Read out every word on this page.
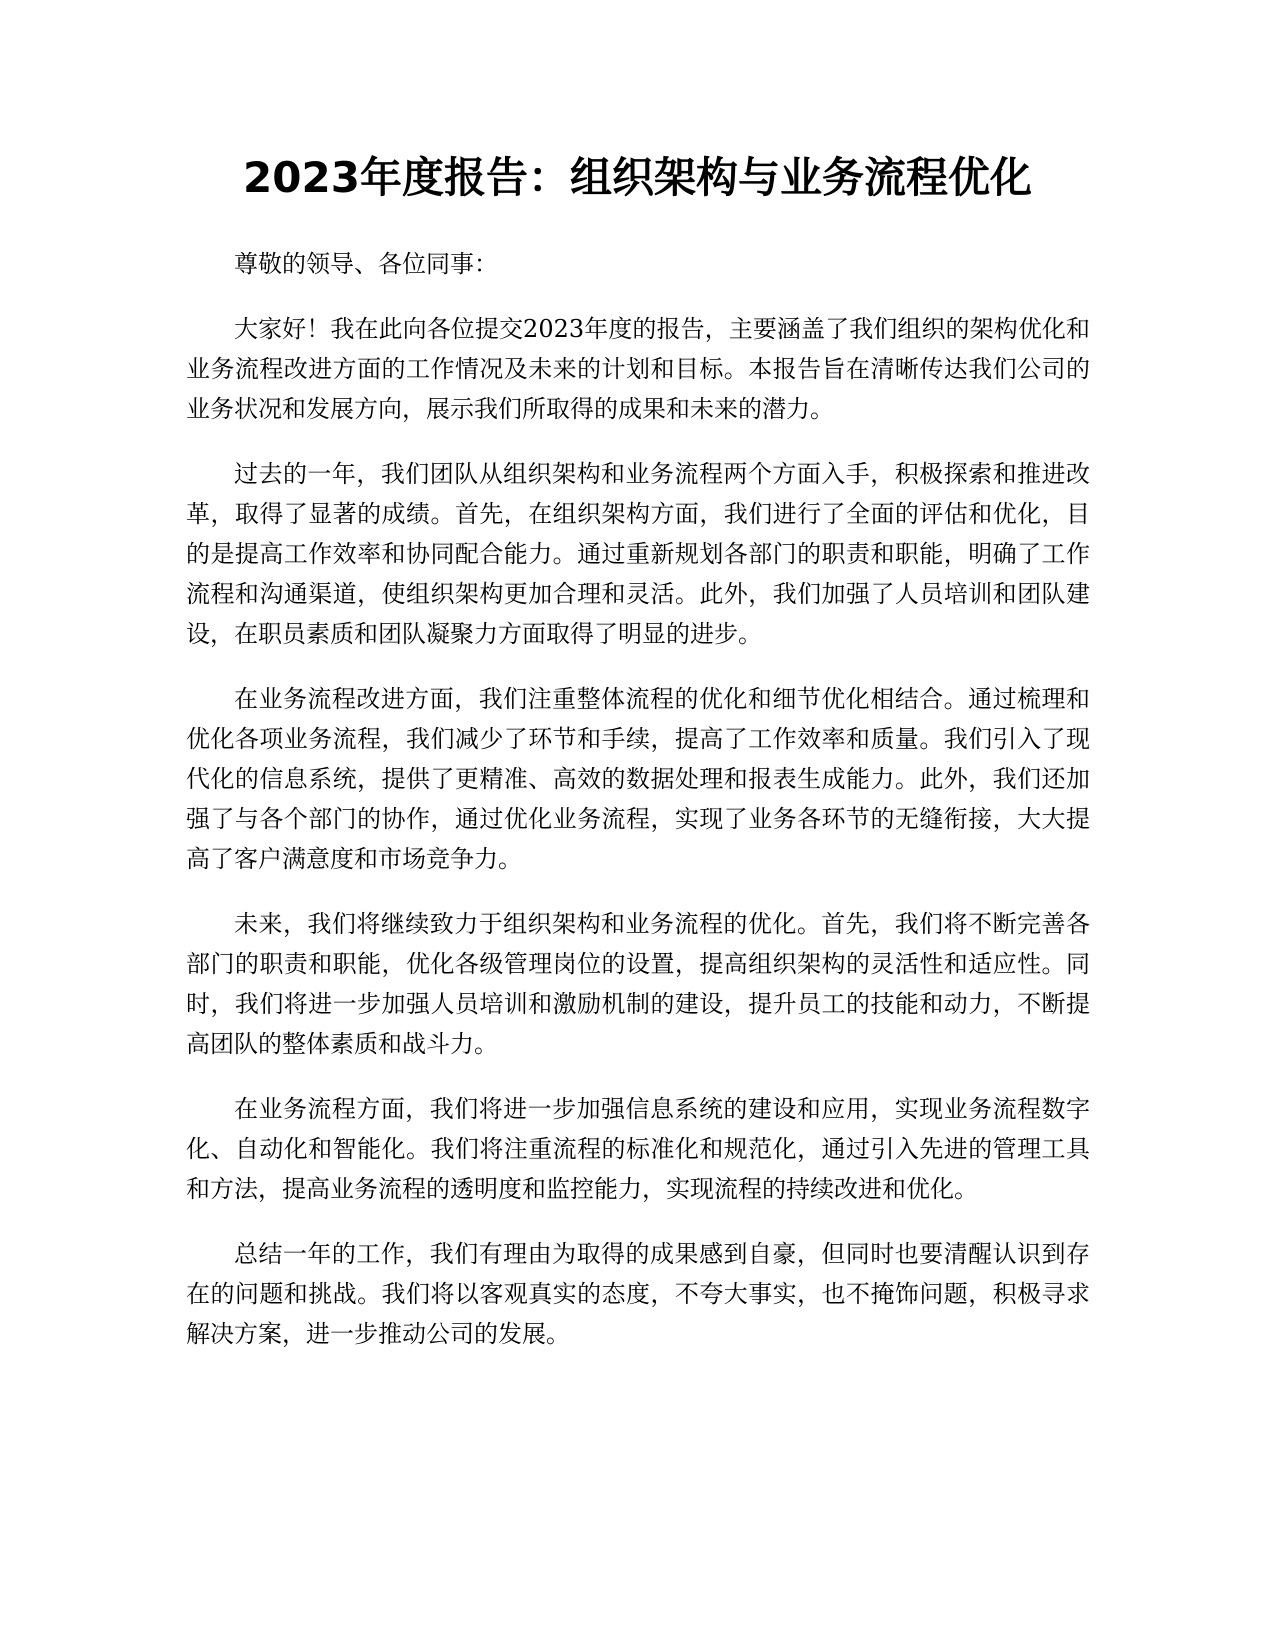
2023年度报告：组织架构与业务流程优化

尊敬的领导、各位同事：

大家好！我在此向各位提交2023年度的报告，主要涵盖了我们组织的架构优化和业务流程改进方面的工作情况及未来的计划和目标。本报告旨在清晰传达我们公司的业务状况和发展方向，展示我们所取得的成果和未来的潜力。

过去的一年，我们团队从组织架构和业务流程两个方面入手，积极探索和推进改革，取得了显著的成绩。首先，在组织架构方面，我们进行了全面的评估和优化，目的是提高工作效率和协同配合能力。通过重新规划各部门的职责和职能，明确了工作流程和沟通渠道，使组织架构更加合理和灵活。此外，我们加强了人员培训和团队建设，在职员素质和团队凝聚力方面取得了明显的进步。

在业务流程改进方面，我们注重整体流程的优化和细节优化相结合。通过梳理和优化各项业务流程，我们减少了环节和手续，提高了工作效率和质量。我们引入了现代化的信息系统，提供了更精准、高效的数据处理和报表生成能力。此外，我们还加强了与各个部门的协作，通过优化业务流程，实现了业务各环节的无缝衔接，大大提高了客户满意度和市场竞争力。

未来，我们将继续致力于组织架构和业务流程的优化。首先，我们将不断完善各部门的职责和职能，优化各级管理岗位的设置，提高组织架构的灵活性和适应性。同时，我们将进一步加强人员培训和激励机制的建设，提升员工的技能和动力，不断提高团队的整体素质和战斗力。

在业务流程方面，我们将进一步加强信息系统的建设和应用，实现业务流程数字化、自动化和智能化。我们将注重流程的标准化和规范化，通过引入先进的管理工具和方法，提高业务流程的透明度和监控能力，实现流程的持续改进和优化。

总结一年的工作，我们有理由为取得的成果感到自豪，但同时也要清醒认识到存在的问题和挑战。我们将以客观真实的态度，不夸大事实，也不掩饰问题，积极寻求解决方案，进一步推动公司的发展。
